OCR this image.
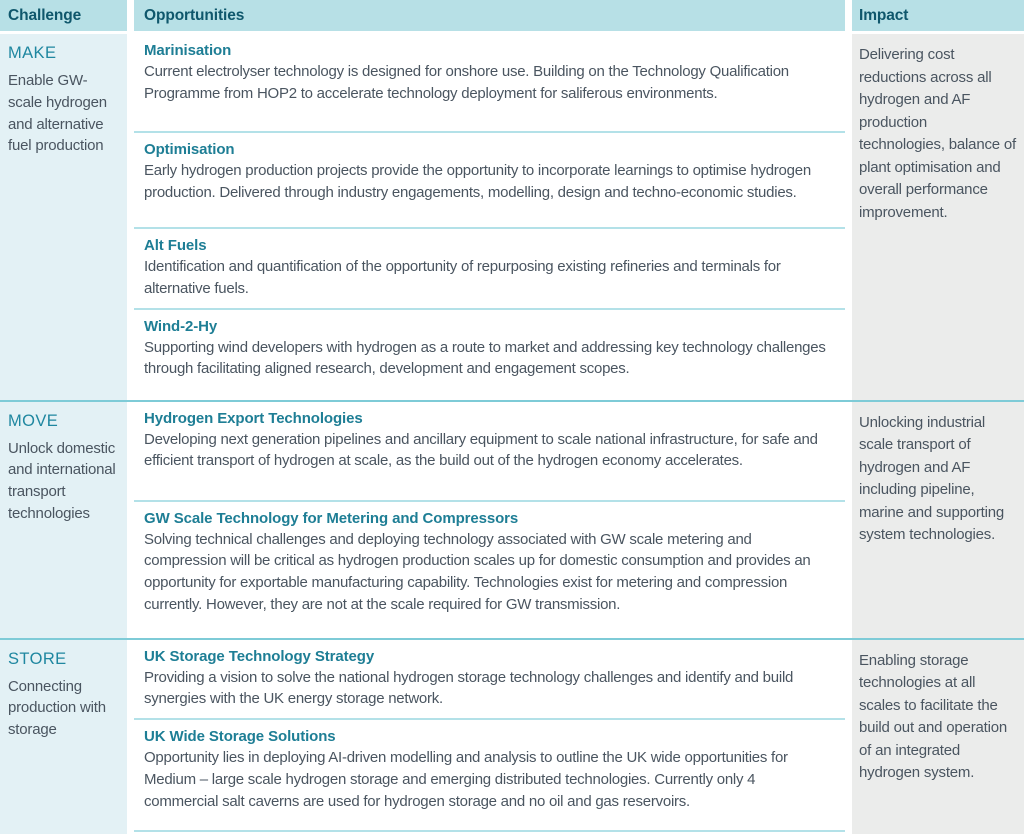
Challenge	Opportunities	Impact
MAKE
Enable GW-scale hydrogen and alternative fuel production
Marinisation
Current electrolyser technology is designed for onshore use. Building on the Technology Qualification Programme from HOP2 to accelerate technology deployment for saliferous environments.
Optimisation
Early hydrogen production projects provide the opportunity to incorporate learnings to optimise hydrogen production. Delivered through industry engagements, modelling, design and techno-economic studies.
Alt Fuels
Identification and quantification of the opportunity of repurposing existing refineries and terminals for alternative fuels.
Wind-2-Hy
Supporting wind developers with hydrogen as a route to market and addressing key technology challenges through facilitating aligned research, development and engagement scopes.
Delivering cost reductions across all hydrogen and AF production technologies, balance of plant optimisation and overall performance improvement.
MOVE
Unlock domestic and international transport technologies
Hydrogen Export Technologies
Developing next generation pipelines and ancillary equipment to scale national infrastructure, for safe and efficient transport of hydrogen at scale, as the build out of the hydrogen economy accelerates.
GW Scale Technology for Metering and Compressors
Solving technical challenges and deploying technology associated with GW scale metering and compression will be critical as hydrogen production scales up for domestic consumption and provides an opportunity for exportable manufacturing capability. Technologies exist for metering and compression currently. However, they are not at the scale required for GW transmission.
Unlocking industrial scale transport of hydrogen and AF including pipeline, marine and supporting system technologies.
STORE
Connecting production with storage
UK Storage Technology Strategy
Providing a vision to solve the national hydrogen storage technology challenges and identify and build synergies with the UK energy storage network.
UK Wide Storage Solutions
Opportunity lies in deploying AI-driven modelling and analysis to outline the UK wide opportunities for Medium – large scale hydrogen storage and emerging distributed technologies. Currently only 4 commercial salt caverns are used for hydrogen storage and no oil and gas reservoirs.
Enabling storage technologies at all scales to facilitate the build out and operation of an integrated hydrogen system.
